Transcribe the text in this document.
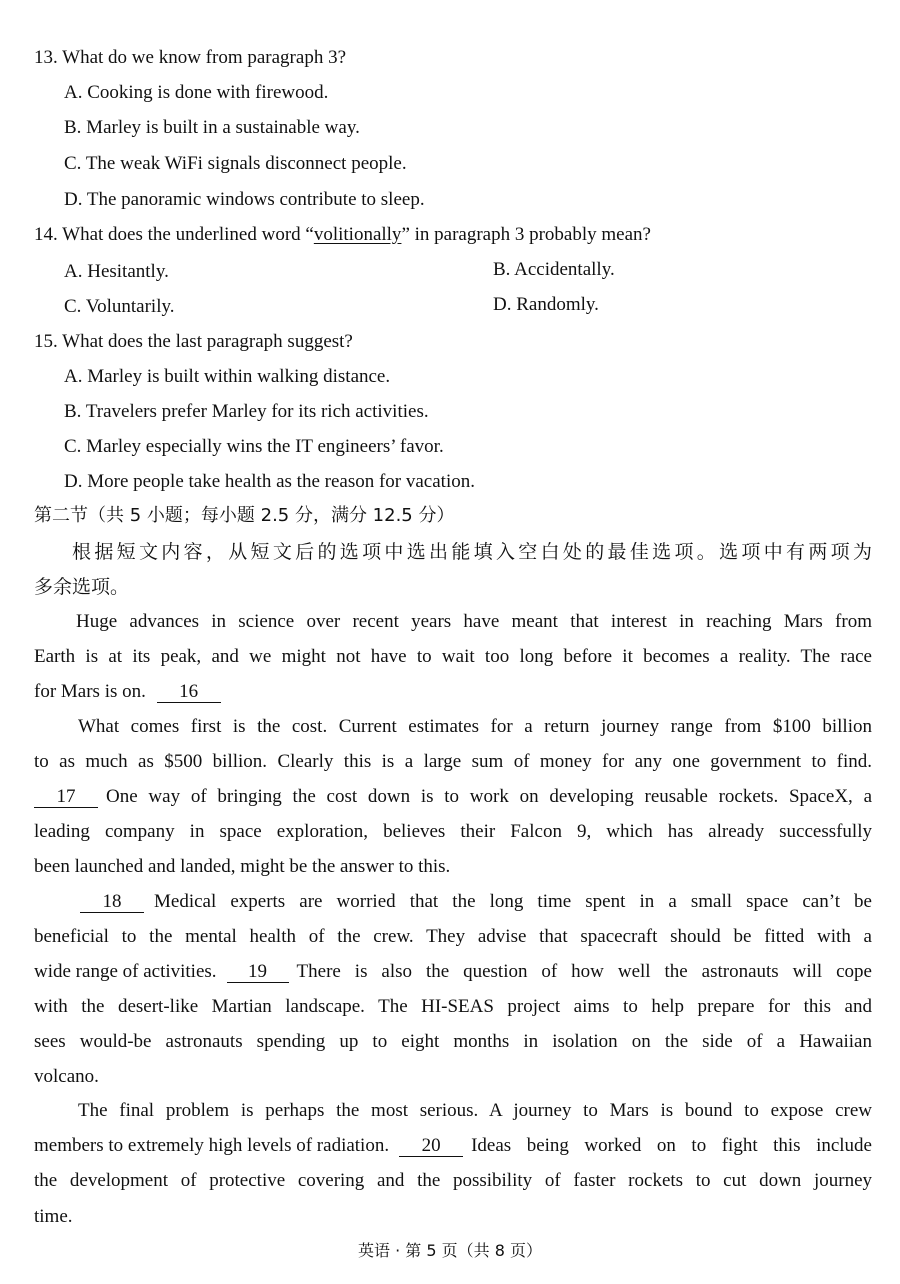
13. What do we know from paragraph 3?
A. Cooking is done with firewood.
B. Marley is built in a sustainable way.
C. The weak WiFi signals disconnect people.
D. The panoramic windows contribute to sleep.
14. What does the underlined word “volitionally” in paragraph 3 probably mean?
A. Hesitantly.	B. Accidentally.
C. Voluntarily.	D. Randomly.
15. What does the last paragraph suggest?
A. Marley is built within walking distance.
B. Travelers prefer Marley for its rich activities.
C. Marley especially wins the IT engineers’ favor.
D. More people take health as the reason for vacation.
第二节（共 5 小题；每小题 2.5 分，满分 12.5 分）
根据短文内容，从短文后的选项中选出能填入空白处的最佳选项。选项中有两项为
多余选项。
Huge advances in science over recent years have meant that interest in reaching Mars from
Earth is at its peak, and we might not have to wait too long before it becomes a reality. The race
for Mars is on. 16
What comes first is the cost. Current estimates for a return journey range from $100 billion
to as much as $500 billion. Clearly this is a large sum of money for any one government to find.
17	One way of bringing the cost down is to work on developing reusable rockets. SpaceX, a
leading company in space exploration, believes their Falcon 9, which has already successfully
been launched and landed, might be the answer to this.
18	Medical experts are worried that the long time spent in a small space can’t be
beneficial to the mental health of the crew. They advise that spacecraft should be fitted with a
wide range of activities.	19	There is also the question of how well the astronauts will cope
with the desert-like Martian landscape. The HI-SEAS project aims to help prepare for this and
sees would-be astronauts spending up to eight months in isolation on the side of a Hawaiian
volcano.
The final problem is perhaps the most serious. A journey to Mars is bound to expose crew
members to extremely high levels of radiation.	20	Ideas being worked on to fight this include
the development of protective covering and the possibility of faster rockets to cut down journey
time.
英语 · 第 5 页（共 8 页）
